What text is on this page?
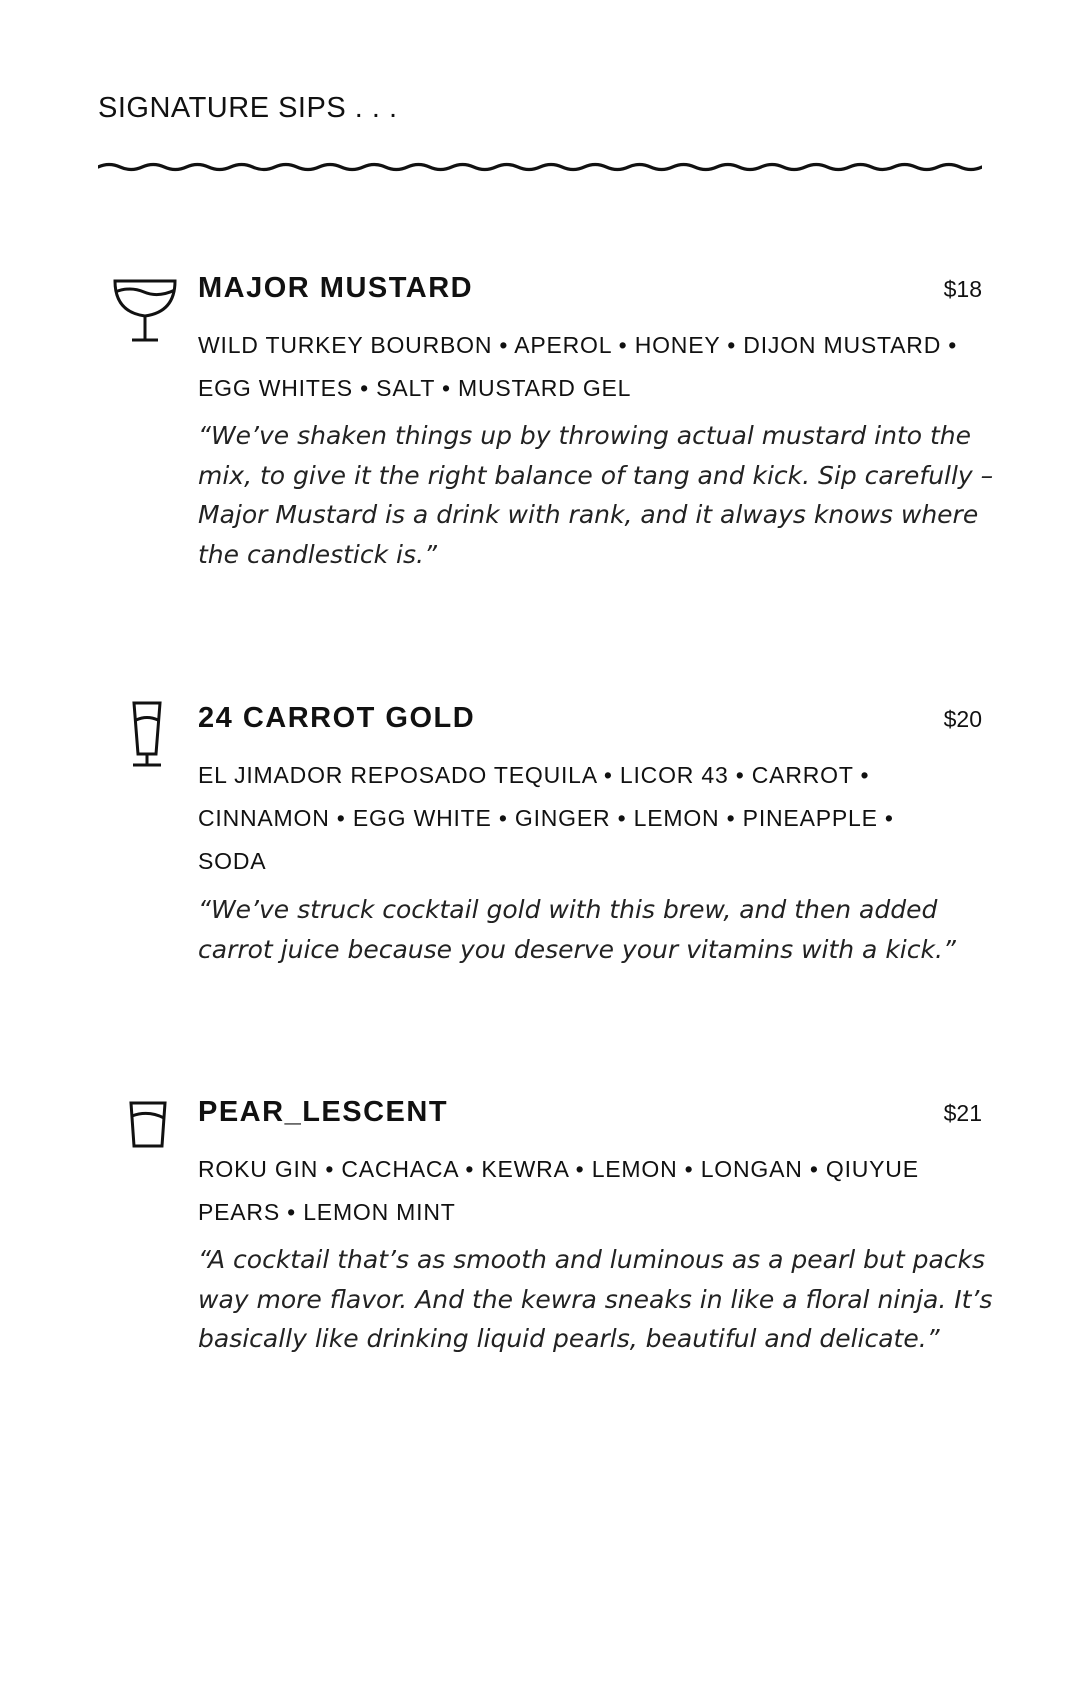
SIGNATURE SIPS . . .
MAJOR MUSTARD	$18

WILD TURKEY BOURBON • APEROL • HONEY • DIJON MUSTARD • EGG WHITES • SALT • MUSTARD GEL

“We’ve shaken things up by throwing actual mustard into the mix, to give it the right balance of tang and kick. Sip carefully – Major Mustard is a drink with rank, and it always knows where the candlestick is.”

24 CARROT GOLD	$20

EL JIMADOR REPOSADO TEQUILA • LICOR 43 • CARROT • CINNAMON • EGG WHITE • GINGER • LEMON • PINEAPPLE • SODA

“We’ve struck cocktail gold with this brew, and then added carrot juice because you deserve your vitamins with a kick.”

PEAR_LESCENT	$21

ROKU GIN • CACHACA • KEWRA • LEMON • LONGAN • QIUYUE PEARS • LEMON MINT

“A cocktail that’s as smooth and luminous as a pearl but packs way more flavor. And the kewra sneaks in like a floral ninja. It’s basically like drinking liquid pearls, beautiful and delicate.”
